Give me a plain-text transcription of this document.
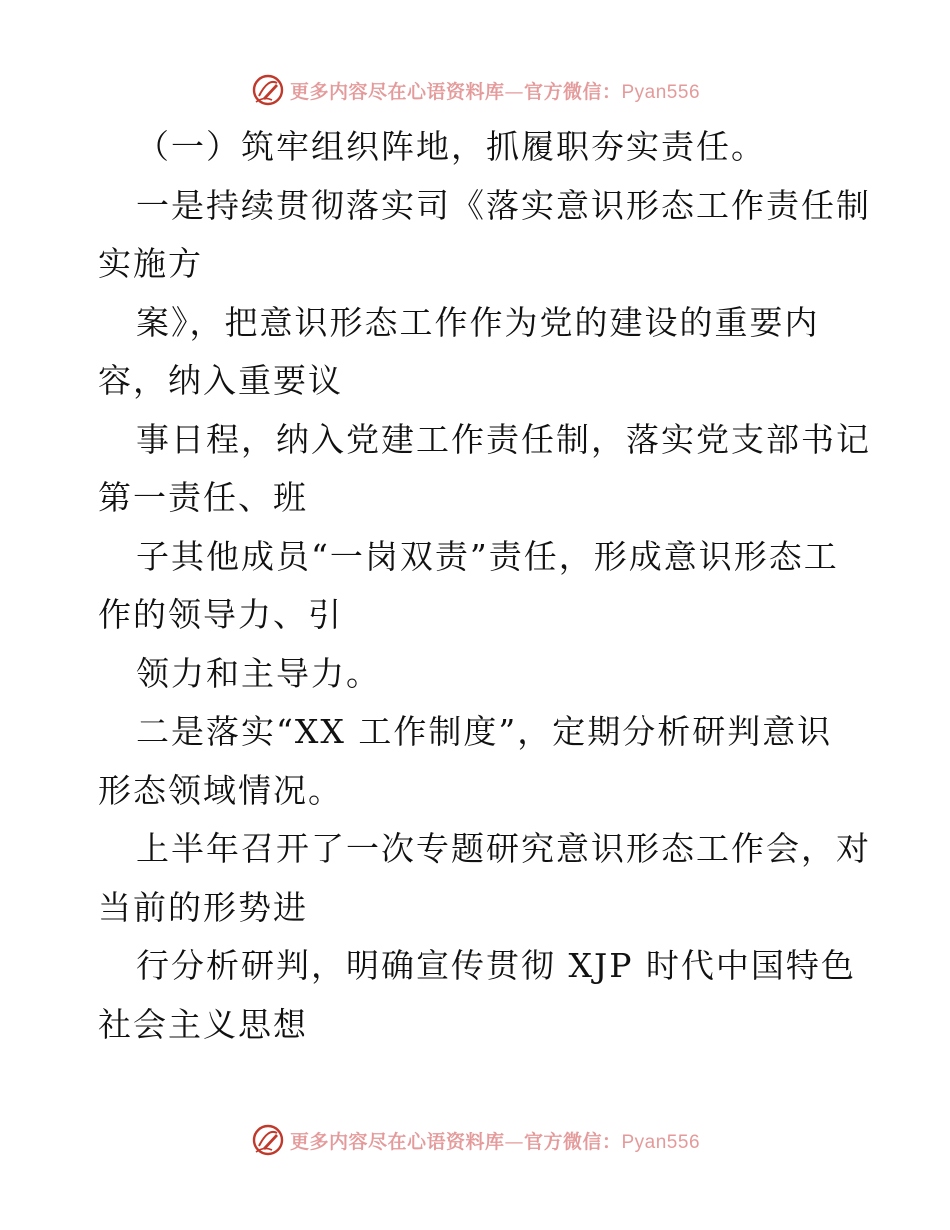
更多内容尽在心语资料库—官方微信：Pyan556
（一）筑牢组织阵地，抓履职夯实责任。
一是持续贯彻落实司《落实意识形态工作责任制
实施方
案》，把意识形态工作作为党的建设的重要内
容，纳入重要议
事日程，纳入党建工作责任制，落实党支部书记
第一责任、班
子其他成员“一岗双责”责任，形成意识形态工
作的领导力、引
领力和主导力。
二是落实“XX 工作制度”，定期分析研判意识
形态领域情况。
上半年召开了一次专题研究意识形态工作会，对
当前的形势进
行分析研判，明确宣传贯彻 XJP 时代中国特色
社会主义思想
更多内容尽在心语资料库—官方微信：Pyan556
